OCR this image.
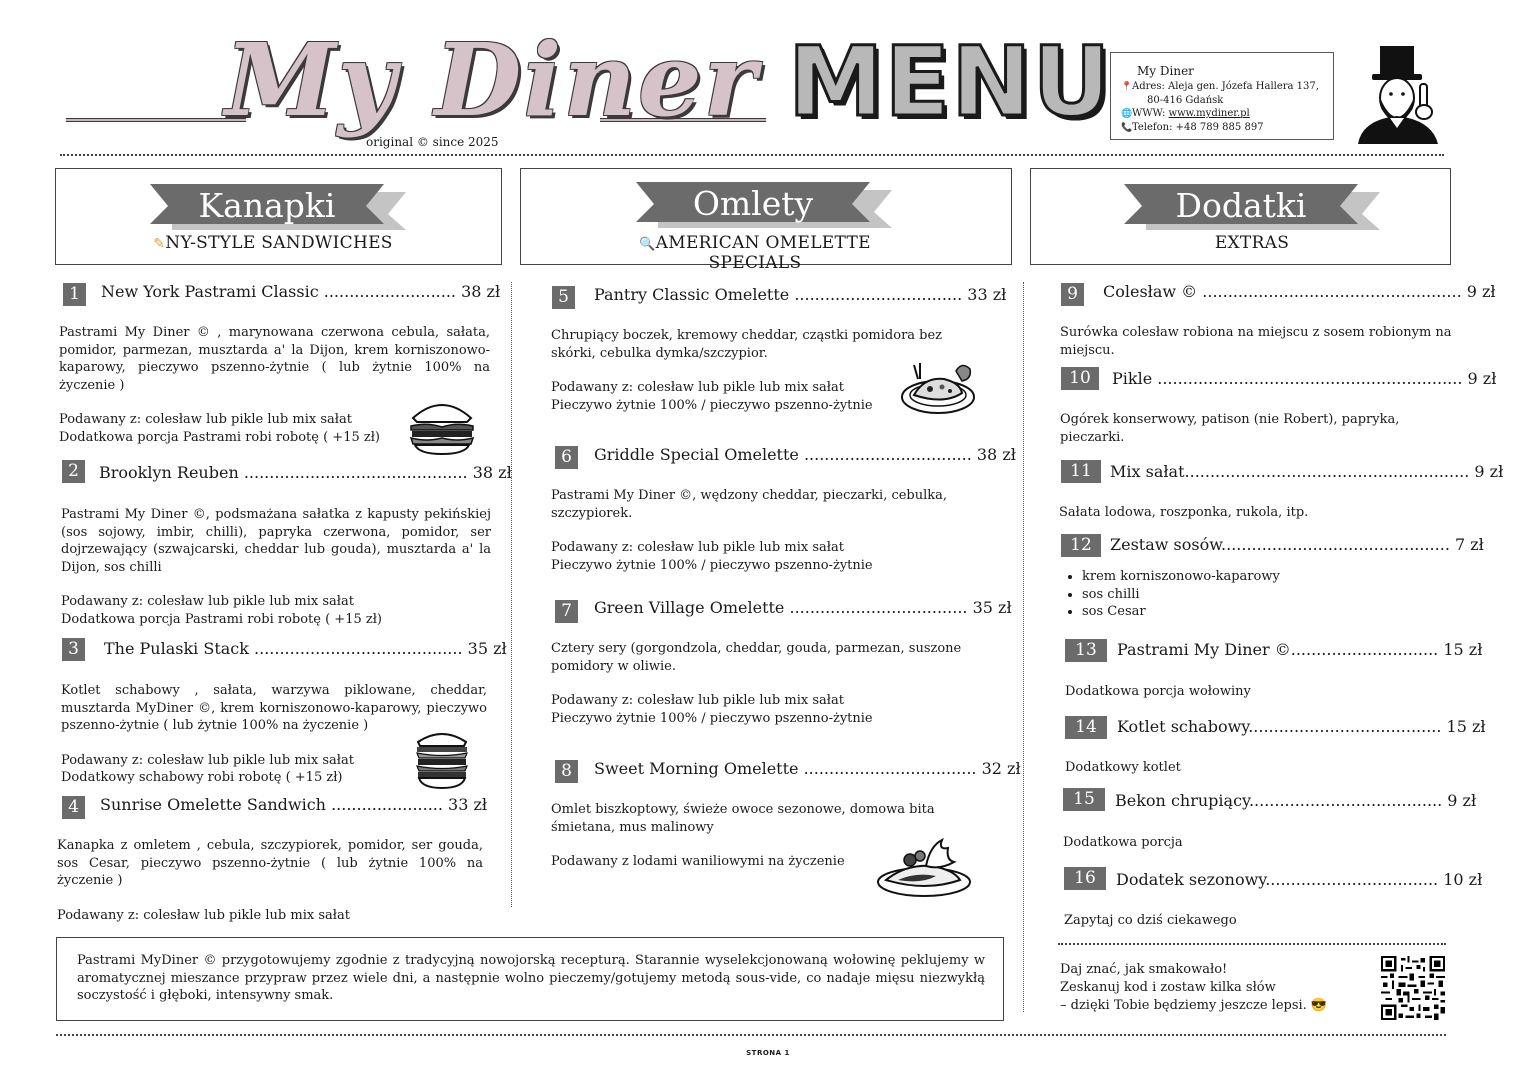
My Diner
original © since 2025
MENU	My Diner
📍Adres: Aleja gen. Józefa Hallera 137,
80-416 Gdańsk
🌐WWW: www.mydiner.pl
📞Telefon: +48 789 885 897
Kanapki
✎NY-STYLE SANDWICHES
Omlety
🔍AMERICAN OMELETTE SPECIALS
Dodatki
EXTRAS
1	New York Pastrami Classic .......................... 38 zł

Pastrami My Diner © , marynowana czerwona cebula, sałata, pomidor, parmezan, musztarda a' la Dijon, krem korniszonowo-kaparowy, pieczywo pszenno-żytnie ( lub żytnie 100% na życzenie )

Podawany z: colesław lub pikle lub mix sałat
Dodatkowa porcja Pastrami robi robotę ( +15 zł)

2	Brooklyn Reuben ............................................ 38 zł

Pastrami My Diner ©, podsmażana sałatka z kapusty pekińskiej (sos sojowy, imbir, chilli), papryka czerwona, pomidor, ser dojrzewający (szwajcarski, cheddar lub gouda), musztarda a' la Dijon, sos chilli

Podawany z: colesław lub pikle lub mix sałat
Dodatkowa porcja Pastrami robi robotę ( +15 zł)

3	The Pulaski Stack ......................................... 35 zł

Kotlet schabowy , sałata, warzywa piklowane, cheddar, musztarda MyDiner ©, krem korniszonowo-kaparowy, pieczywo pszenno-żytnie ( lub żytnie 100% na życzenie )

Podawany z: colesław lub pikle lub mix sałat
Dodatkowy schabowy robi robotę ( +15 zł)

4	Sunrise Omelette Sandwich ...................... 33 zł

Kanapka z omletem , cebula, szczypiorek, pomidor, ser gouda, sos Cesar, pieczywo pszenno-żytnie ( lub żytnie 100% na życzenie )

Podawany z: colesław lub pikle lub mix sałat

5	Pantry Classic Omelette ................................. 33 zł

Chrupiący boczek, kremowy cheddar, cząstki pomidora bez skórki, cebulka dymka/szczypior.

Podawany z: colesław lub pikle lub mix sałat
Pieczywo żytnie 100% / pieczywo pszenno-żytnie

6	Griddle Special Omelette ................................. 38 zł

Pastrami My Diner ©, wędzony cheddar, pieczarki, cebulka, szczypiorek.

Podawany z: colesław lub pikle lub mix sałat
Pieczywo żytnie 100% / pieczywo pszenno-żytnie

7	Green Village Omelette ................................... 35 zł

Cztery sery (gorgondzola, cheddar, gouda, parmezan, suszone pomidory w oliwie.

Podawany z: colesław lub pikle lub mix sałat
Pieczywo żytnie 100% / pieczywo pszenno-żytnie

8	Sweet Morning Omelette .................................. 32 zł

Omlet biszkoptowy, świeże owoce sezonowe, domowa bita śmietana, mus malinowy

Podawany z lodami waniliowymi na życzenie

9	Colesław © ................................................... 9 zł
Surówka colesław robiona na miejscu z sosem robionym na miejscu.
10	Pikle ............................................................ 9 zł
Ogórek konserwowy, patison (nie Robert), papryka, pieczarki.
11	Mix sałat........................................................ 9 zł
Sałata lodowa, roszponka, rukola, itp.
12	Zestaw sosów............................................. 7 zł
• krem korniszonowo-kaparowy
• sos chilli
• sos Cesar
13	Pastrami My Diner ©............................. 15 zł
Dodatkowa porcja wołowiny
14	Kotlet schabowy...................................... 15 zł
Dodatkowy kotlet
15	Bekon chrupiący...................................... 9 zł
Dodatkowa porcja
16	Dodatek sezonowy.................................. 10 zł
Zapytaj co dziś ciekawego
Pastrami MyDiner © przygotowujemy zgodnie z tradycyjną nowojorską recepturą. Starannie wyselekcjonowaną wołowinę peklujemy w aromatycznej mieszance przypraw przez wiele dni, a następnie wolno pieczemy/gotujemy metodą sous-vide, co nadaje mięsu niezwykłą soczystość i głęboki, intensywny smak.
Daj znać, jak smakowało!
Zeskanuj kod i zostaw kilka słów
– dzięki Tobie będziemy jeszcze lepsi. 😎
STRONA 1
